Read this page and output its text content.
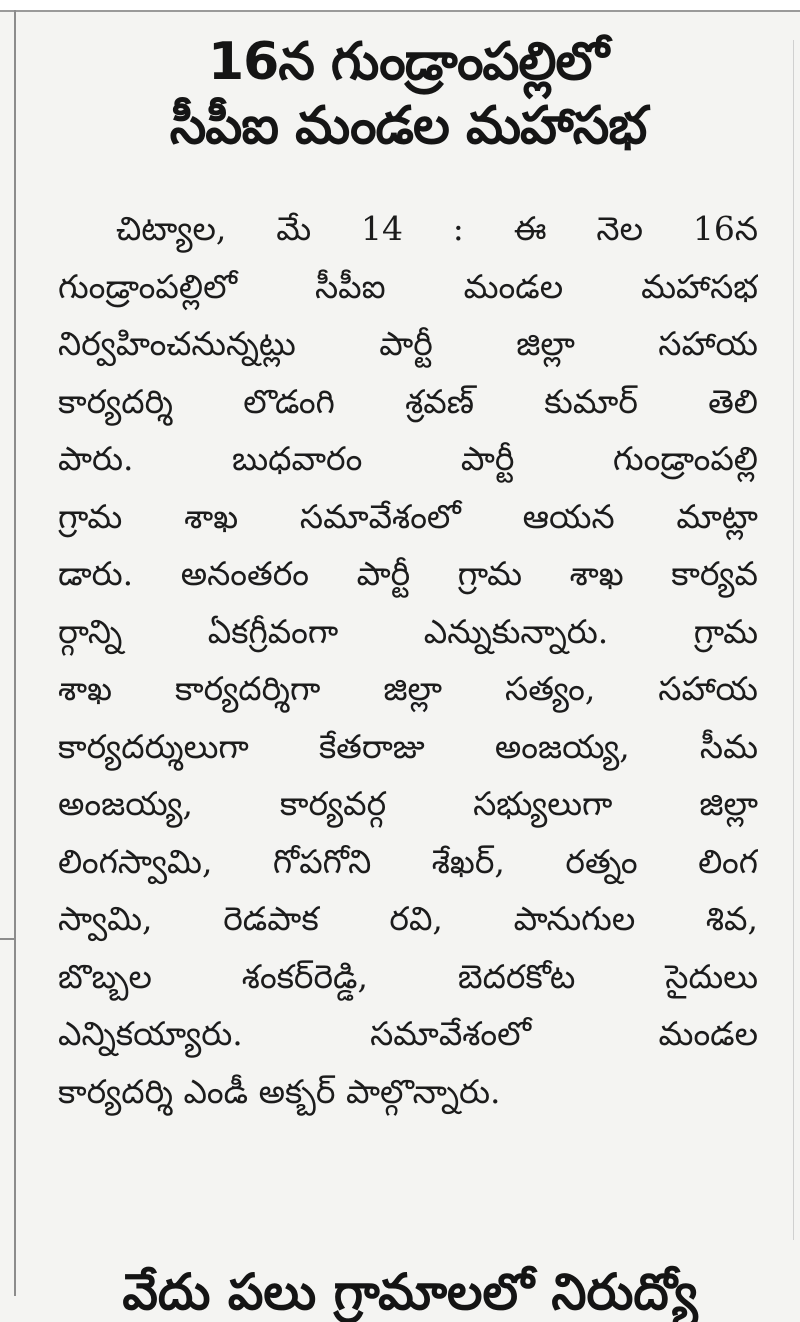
16న గుండ్రాంపల్లిలో
సీపీఐ మండల మహాసభ
చిట్యాల, మే 14 : ఈ నెల 16న
గుండ్రాంపల్లిలో సీపీఐ మండల మహాసభ
నిర్వహించనున్నట్లు పార్టీ జిల్లా సహాయ
కార్యదర్శి లొడంగి శ్రవణ్ కుమార్ తెలి
పారు. బుధవారం పార్టీ గుండ్రాంపల్లి
గ్రామ శాఖ సమావేశంలో ఆయన మాట్లా
డారు. అనంతరం పార్టీ గ్రామ శాఖ కార్యవ
ర్గాన్ని ఏకగ్రీవంగా ఎన్నుకున్నారు. గ్రామ
శాఖ కార్యదర్శిగా జిల్లా సత్యం, సహాయ
కార్యదర్శులుగా కేతరాజు అంజయ్య, సీమ
అంజయ్య, కార్యవర్గ సభ్యులుగా జిల్లా
లింగస్వామి, గోపగోని శేఖర్, రత్నం లింగ
స్వామి, రెడపాక రవి, పానుగుల శివ,
బొబ్బల శంకర్‌రెడ్డి, బెదరకోట సైదులు
ఎన్నికయ్యారు. సమావేశంలో మండల
కార్యదర్శి ఎండీ అక్బర్ పాల్గొన్నారు.
వేదు పలు గ్రామాలలో నిరుద్యో
